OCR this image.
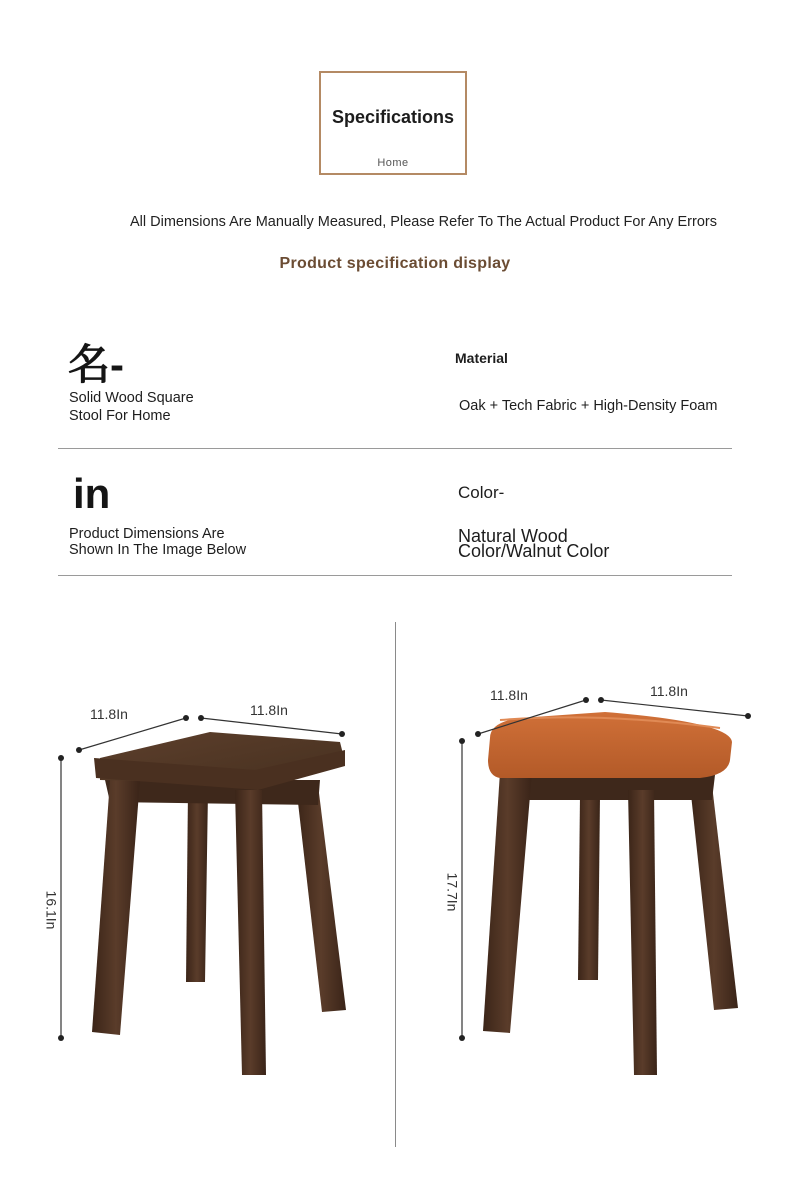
Specifications
Home
All Dimensions Are Manually Measured, Please Refer To The Actual Product For Any Errors
Product specification display
名-
Solid Wood Square
Stool For Home
Material
Oak + Tech Fabric + High-Density Foam
in
Product Dimensions Are
Shown In The Image Below
Color-
Natural Wood
Color/Walnut Color
11.8In	11.8In
16.1In
11.8In	11.8In
17.7In
